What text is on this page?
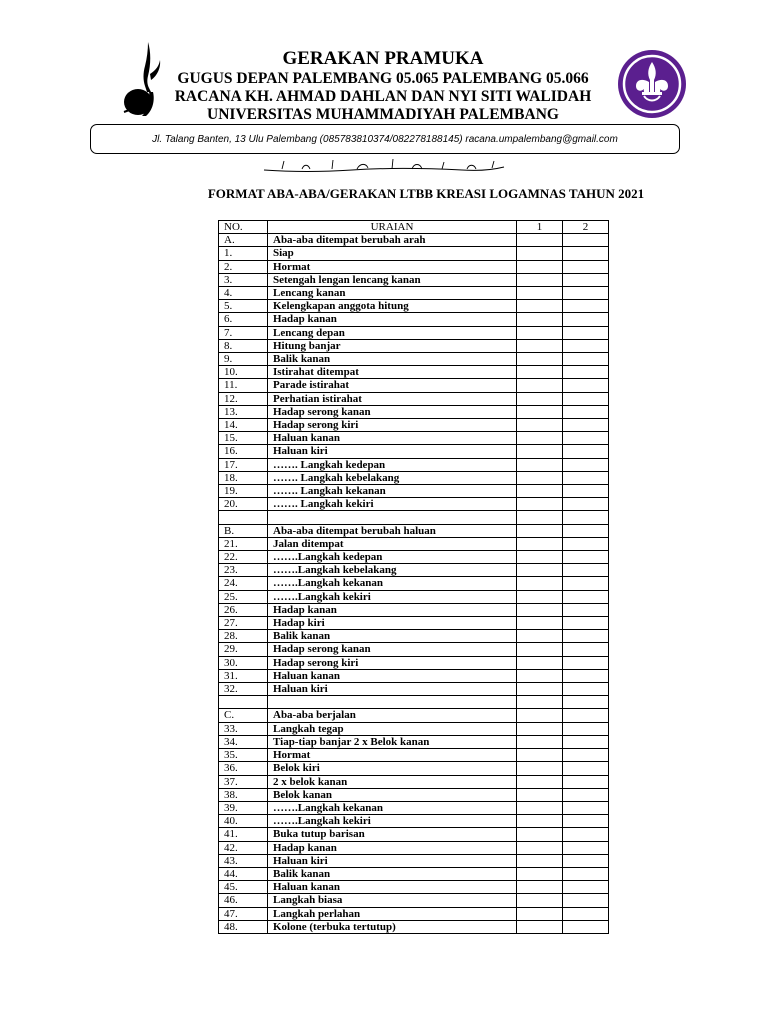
GERAKAN PRAMUKA
GUGUS DEPAN PALEMBANG 05.065 PALEMBANG 05.066
RACANA KH. AHMAD DAHLAN DAN NYI SITI WALIDAH
UNIVERSITAS MUHAMMADIYAH PALEMBANG
Jl. Talang Banten, 13 Ulu Palembang (085783810374/082278188145) racana.umpalembang@gmail.com
FORMAT ABA-ABA/GERAKAN LTBB KREASI LOGAMNAS TAHUN 2021
NO.	URAIAN	1	2
A.	Aba-aba ditempat berubah arah		
1.	Siap		
2.	Hormat		
3.	Setengah lengan lencang kanan		
4.	Lencang kanan		
5.	Kelengkapan anggota hitung		
6.	Hadap kanan		
7.	Lencang depan		
8.	Hitung banjar		
9.	Balik kanan		
10.	Istirahat ditempat		
11.	Parade istirahat		
12.	Perhatian istirahat		
13.	Hadap serong kanan		
14.	Hadap serong kiri		
15.	Haluan kanan		
16.	Haluan kiri		
17.	……. Langkah kedepan		
18.	……. Langkah kebelakang		
19.	……. Langkah kekanan		
20.	……. Langkah kekiri		

B.	Aba-aba ditempat berubah haluan		
21.	Jalan ditempat		
22.	…….Langkah kedepan		
23.	…….Langkah kebelakang		
24.	…….Langkah kekanan		
25.	…….Langkah kekiri		
26.	Hadap kanan		
27.	Hadap kiri		
28.	Balik kanan		
29.	Hadap serong kanan		
30.	Hadap serong kiri		
31.	Haluan kanan		
32.	Haluan kiri		

C.	Aba-aba berjalan		
33.	Langkah tegap		
34.	Tiap-tiap banjar 2 x Belok kanan		
35.	Hormat		
36.	Belok kiri		
37.	2 x belok kanan		
38.	Belok kanan		
39.	…….Langkah kekanan		
40.	…….Langkah kekiri		
41.	Buka tutup barisan		
42.	Hadap kanan		
43.	Haluan kiri		
44.	Balik kanan		
45.	Haluan kanan		
46.	Langkah biasa		
47.	Langkah perlahan		
48.	Kolone (terbuka tertutup)		
